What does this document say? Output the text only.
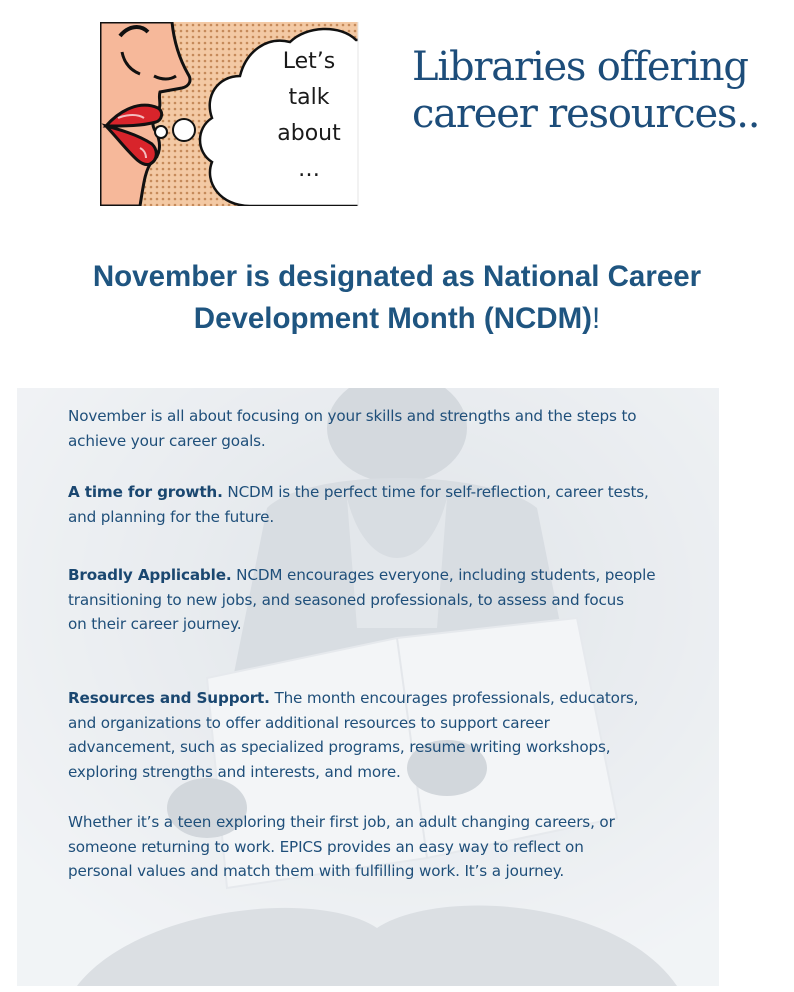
Let’s
talk
about
…
Libraries offering
career resources..
November is designated as National Career
Development Month (NCDM)!
November is all about focusing on your skills and strengths and the steps to
achieve your career goals.
A time for growth. NCDM is the perfect time for self-reflection, career tests,
and planning for the future.
Broadly Applicable. NCDM encourages everyone, including students, people
transitioning to new jobs, and seasoned professionals, to assess and focus
on their career journey.
Resources and Support. The month encourages professionals, educators,
and organizations to offer additional resources to support career
advancement, such as specialized programs, resume writing workshops,
exploring strengths and interests, and more.
Whether it’s a teen exploring their first job, an adult changing careers, or
someone returning to work. EPICS provides an easy way to reflect on
personal values and match them with fulfilling work. It’s a journey.
